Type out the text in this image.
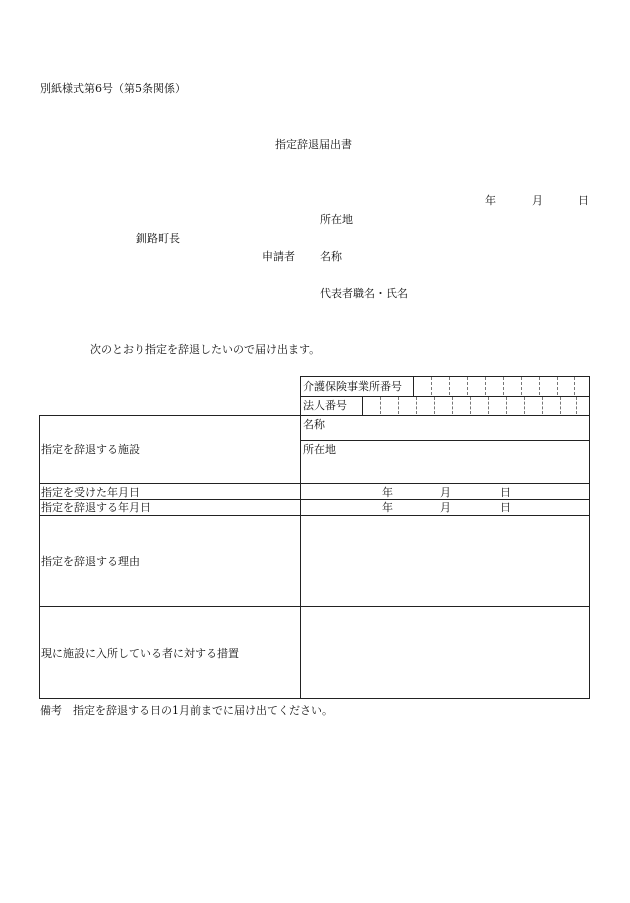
別紙様式第6号（第5条関係）
指定辞退届出書
年	月	日
所在地
釧路町長
申請者 名称
代表者職名・氏名
次のとおり指定を辞退したいので届け出ます。
介護保険事業所番号
法人番号
指定を辞退する施設
名称
所在地
指定を受けた年月日	年	月	日
指定を辞退する年月日	年	月	日
指定を辞退する理由
現に施設に入所している者に対する措置
備考　指定を辞退する日の1月前までに届け出てください。
